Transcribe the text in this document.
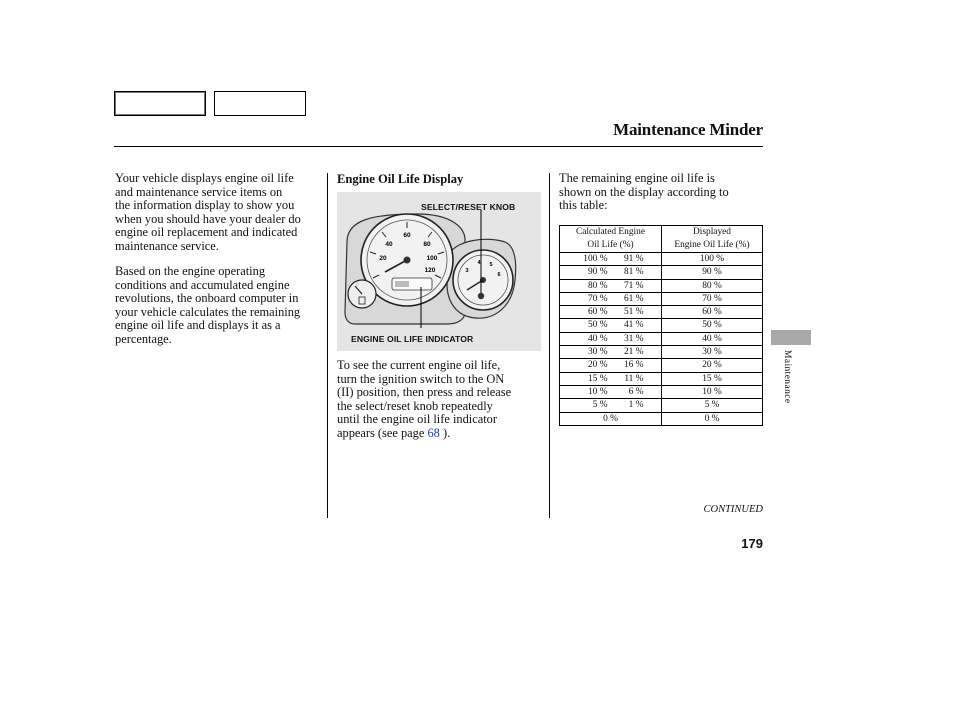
Maintenance Minder

Your vehicle displays engine oil life
and maintenance service items on
the information display to show you
when you should have your dealer do
engine oil replacement and indicated
maintenance service.

Based on the engine operating
conditions and accumulated engine
revolutions, the onboard computer in
your vehicle calculates the remaining
engine oil life and displays it as a
percentage.

Engine Oil Life Display
60
40	80
20	100
120	3
4 5
6
SELECT/RESET KNOB
ENGINE OIL LIFE INDICATOR

To see the current engine oil life,
turn the ignition switch to the ON
(II) position, then press and release
the select/reset knob repeatedly
until the engine oil life indicator
appears (see page 68 ).

The remaining engine oil life is
shown on the display according to
this table:

Calculated Engine
Oil Life (%)	Displayed
Engine Oil Life (%)
100 % 91 %	100 %
90 % 81 %	90 %
80 % 71 %	80 %
70 % 61 %	70 %
60 % 51 %	60 %
50 % 41 %	50 %
40 % 31 %	40 %
30 % 21 %	30 %
20 % 16 %	20 %
15 % 11 %	15 %
10 % 6 %	10 %
5 % 1 %	5 %
0 %	0 %
Maintenance
CONTINUED
179
